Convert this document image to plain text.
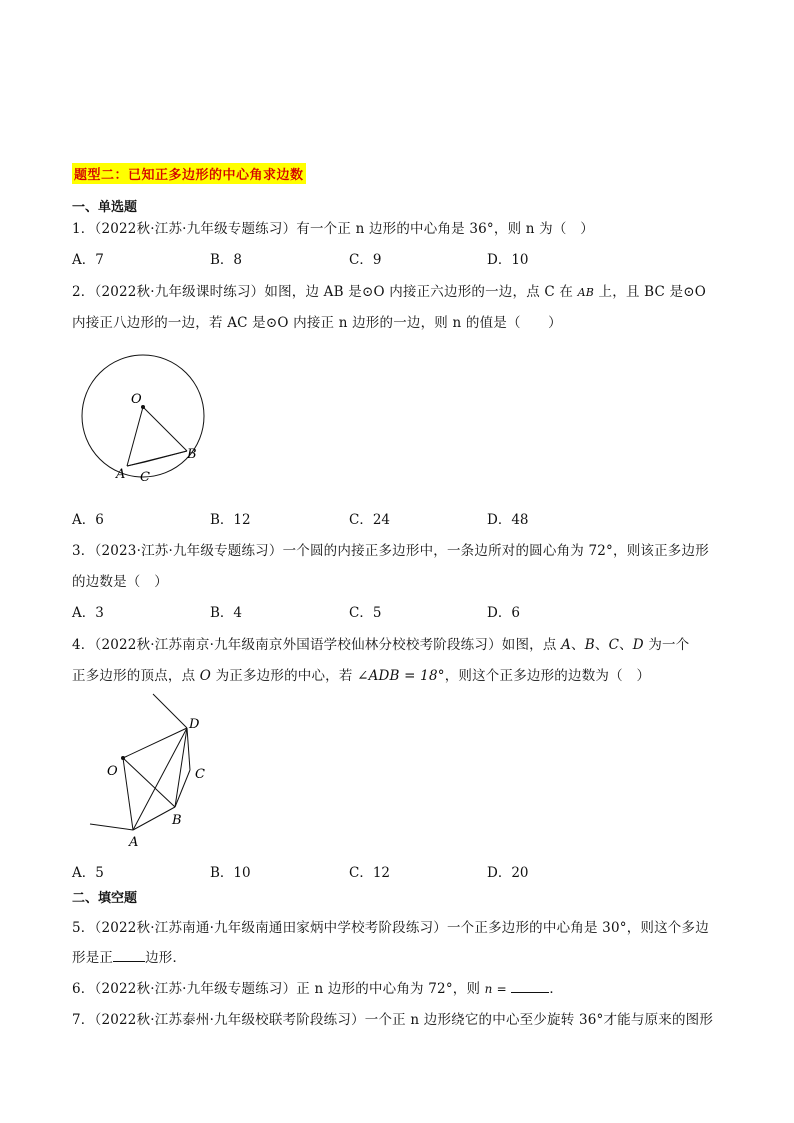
题型二：已知正多边形的中心角求边数
一、单选题
1．（2022秋·江苏·九年级专题练习）有一个正 n 边形的中心角是 36°，则 n 为（　）
A．7	B．8	C．9	D．10
2．（2022秋·九年级课时练习）如图，边 AB 是⊙O 内接正六边形的一边，点 C 在 AB 上，且 BC 是⊙O
内接正八边形的一边，若 AC 是⊙O 内接正 n 边形的一边，则 n 的值是（　　）
O
A
B
C
A．6	B．12	C．24	D．48
3．（2023·江苏·九年级专题练习）一个圆的内接正多边形中，一条边所对的圆心角为 72°，则该正多边形
的边数是（　）
A．3	B．4	C．5	D．6
4．（2022秋·江苏南京·九年级南京外国语学校仙林分校校考阶段练习）如图，点 A、B、C、D 为一个
正多边形的顶点，点 O 为正多边形的中心，若 ∠ADB = 18°，则这个正多边形的边数为（　）
O
A
B
C
D
A．5	B．10	C．12	D．20
二、填空题
5．（2022秋·江苏南通·九年级南通田家炳中学校考阶段练习）一个正多边形的中心角是 30°，则这个多边
形是正 边形．
6．（2022秋·江苏·九年级专题练习）正 n 边形的中心角为 72°，则 n =	．
7．（2022秋·江苏泰州·九年级校联考阶段练习）一个正 n 边形绕它的中心至少旋转 36°才能与原来的图形
